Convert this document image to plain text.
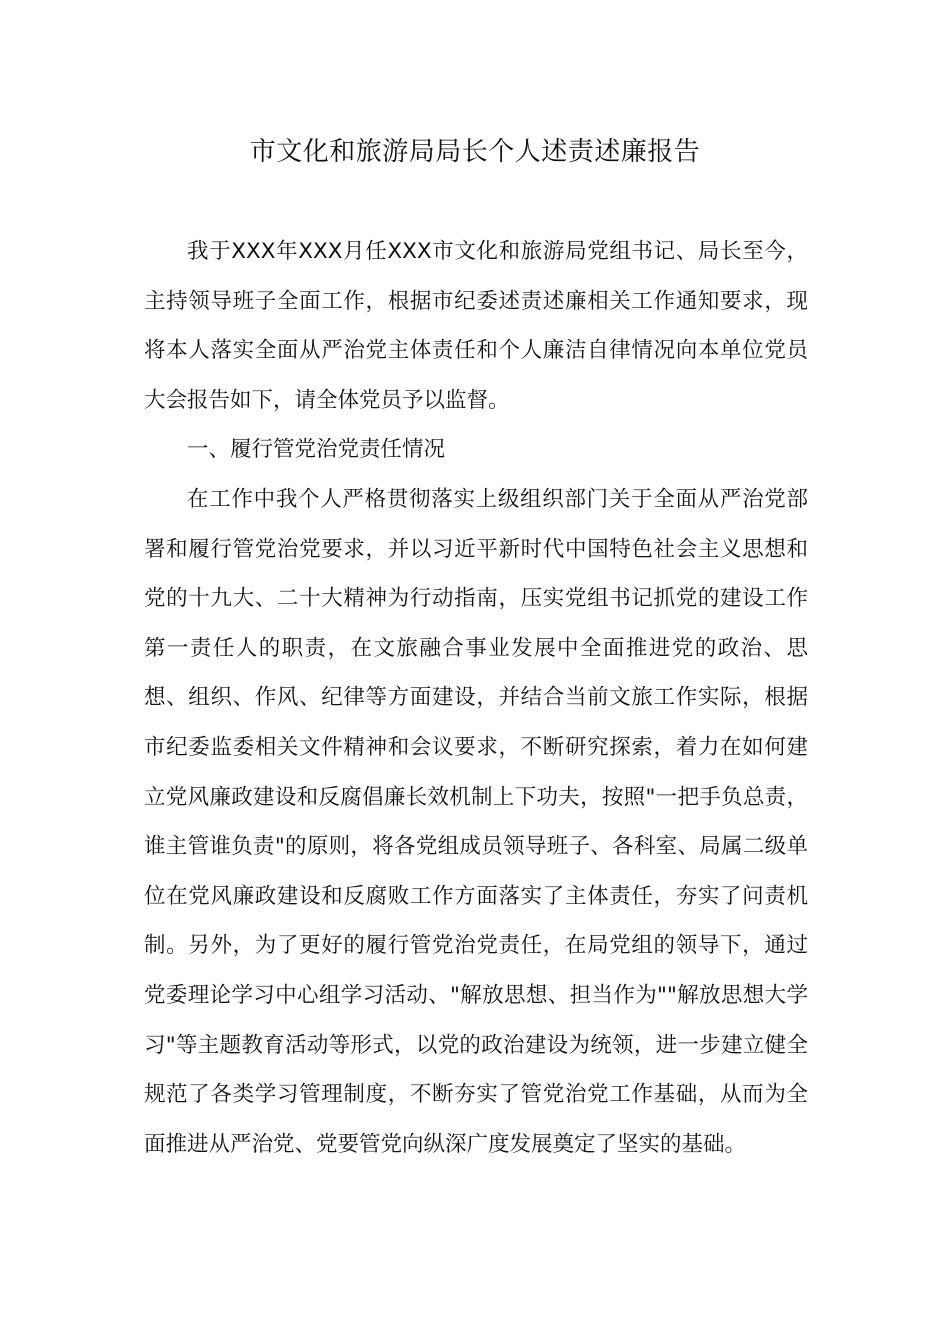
市文化和旅游局局长个人述责述廉报告

我于XXX年XXX月任XXX市文化和旅游局党组书记、局长至今，主持领导班子全面工作，根据市纪委述责述廉相关工作通知要求，现将本人落实全面从严治党主体责任和个人廉洁自律情况向本单位党员大会报告如下，请全体党员予以监督。

一、履行管党治党责任情况

在工作中我个人严格贯彻落实上级组织部门关于全面从严治党部署和履行管党治党要求，并以习近平新时代中国特色社会主义思想和党的十九大、二十大精神为行动指南，压实党组书记抓党的建设工作第一责任人的职责，在文旅融合事业发展中全面推进党的政治、思想、组织、作风、纪律等方面建设，并结合当前文旅工作实际，根据市纪委监委相关文件精神和会议要求，不断研究探索，着力在如何建立党风廉政建设和反腐倡廉长效机制上下功夫，按照"一把手负总责，谁主管谁负责"的原则，将各党组成员领导班子、各科室、局属二级单位在党风廉政建设和反腐败工作方面落实了主体责任，夯实了问责机制。另外，为了更好的履行管党治党责任，在局党组的领导下，通过党委理论学习中心组学习活动、"解放思想、担当作为""解放思想大学习"等主题教育活动等形式，以党的政治建设为统领，进一步建立健全规范了各类学习管理制度，不断夯实了管党治党工作基础，从而为全面推进从严治党、党要管党向纵深广度发展奠定了坚实的基础。
